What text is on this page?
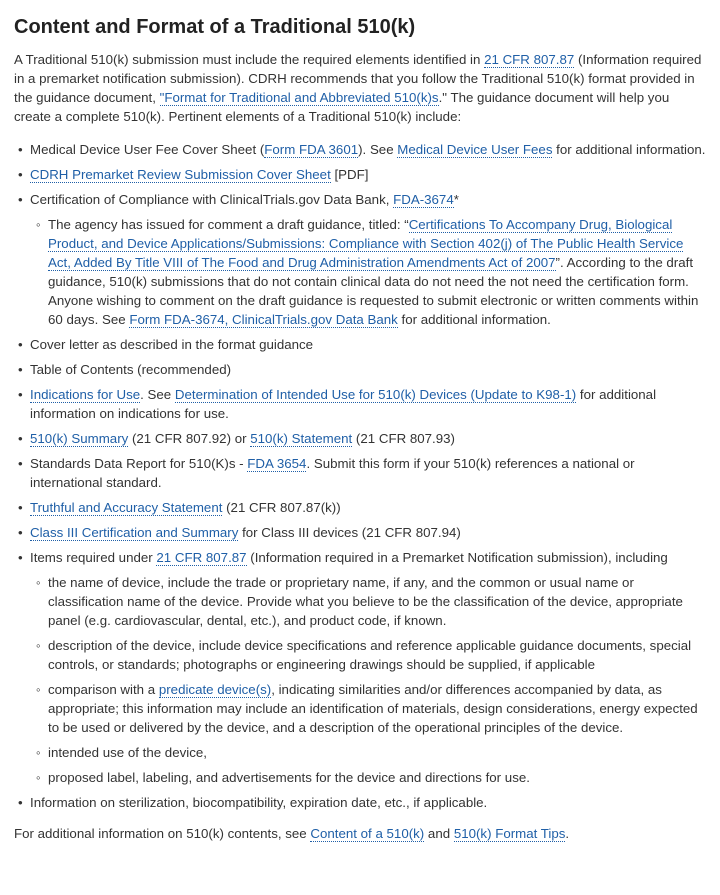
Content and Format of a Traditional 510(k)

A Traditional 510(k) submission must include the required elements identified in 21 CFR 807.87 (Information required in a premarket notification submission). CDRH recommends that you follow the Traditional 510(k) format provided in the guidance document, "Format for Traditional and Abbreviated 510(k)s." The guidance document will help you create a complete 510(k). Pertinent elements of a Traditional 510(k) include:

• Medical Device User Fee Cover Sheet (Form FDA 3601). See Medical Device User Fees for additional information.
• CDRH Premarket Review Submission Cover Sheet [PDF]
• Certification of Compliance with ClinicalTrials.gov Data Bank, FDA-3674*
◦ The agency has issued for comment a draft guidance, titled: “Certifications To Accompany Drug, Biological Product, and Device Applications/Submissions: Compliance with Section 402(j) of The Public Health Service Act, Added By Title VIII of The Food and Drug Administration Amendments Act of 2007”. According to the draft guidance, 510(k) submissions that do not contain clinical data do not need the not need the certification form. Anyone wishing to comment on the draft guidance is requested to submit electronic or written comments within 60 days. See Form FDA-3674, ClinicalTrials.gov Data Bank for additional information.
• Cover letter as described in the format guidance
• Table of Contents (recommended)
• Indications for Use. See Determination of Intended Use for 510(k) Devices (Update to K98-1) for additional information on indications for use.
• 510(k) Summary (21 CFR 807.92) or 510(k) Statement (21 CFR 807.93)
• Standards Data Report for 510(K)s - FDA 3654. Submit this form if your 510(k) references a national or international standard.
• Truthful and Accuracy Statement (21 CFR 807.87(k))
• Class III Certification and Summary for Class III devices (21 CFR 807.94)
• Items required under 21 CFR 807.87 (Information required in a Premarket Notification submission), including
◦ the name of device, include the trade or proprietary name, if any, and the common or usual name or classification name of the device. Provide what you believe to be the classification of the device, appropriate panel (e.g. cardiovascular, dental, etc.), and product code, if known.
◦ description of the device, include device specifications and reference applicable guidance documents, special controls, or standards; photographs or engineering drawings should be supplied, if applicable
◦ comparison with a predicate device(s), indicating similarities and/or differences accompanied by data, as appropriate; this information may include an identification of materials, design considerations, energy expected to be used or delivered by the device, and a description of the operational principles of the device.
◦ intended use of the device,
◦ proposed label, labeling, and advertisements for the device and directions for use.
• Information on sterilization, biocompatibility, expiration date, etc., if applicable.

For additional information on 510(k) contents, see Content of a 510(k) and 510(k) Format Tips.
